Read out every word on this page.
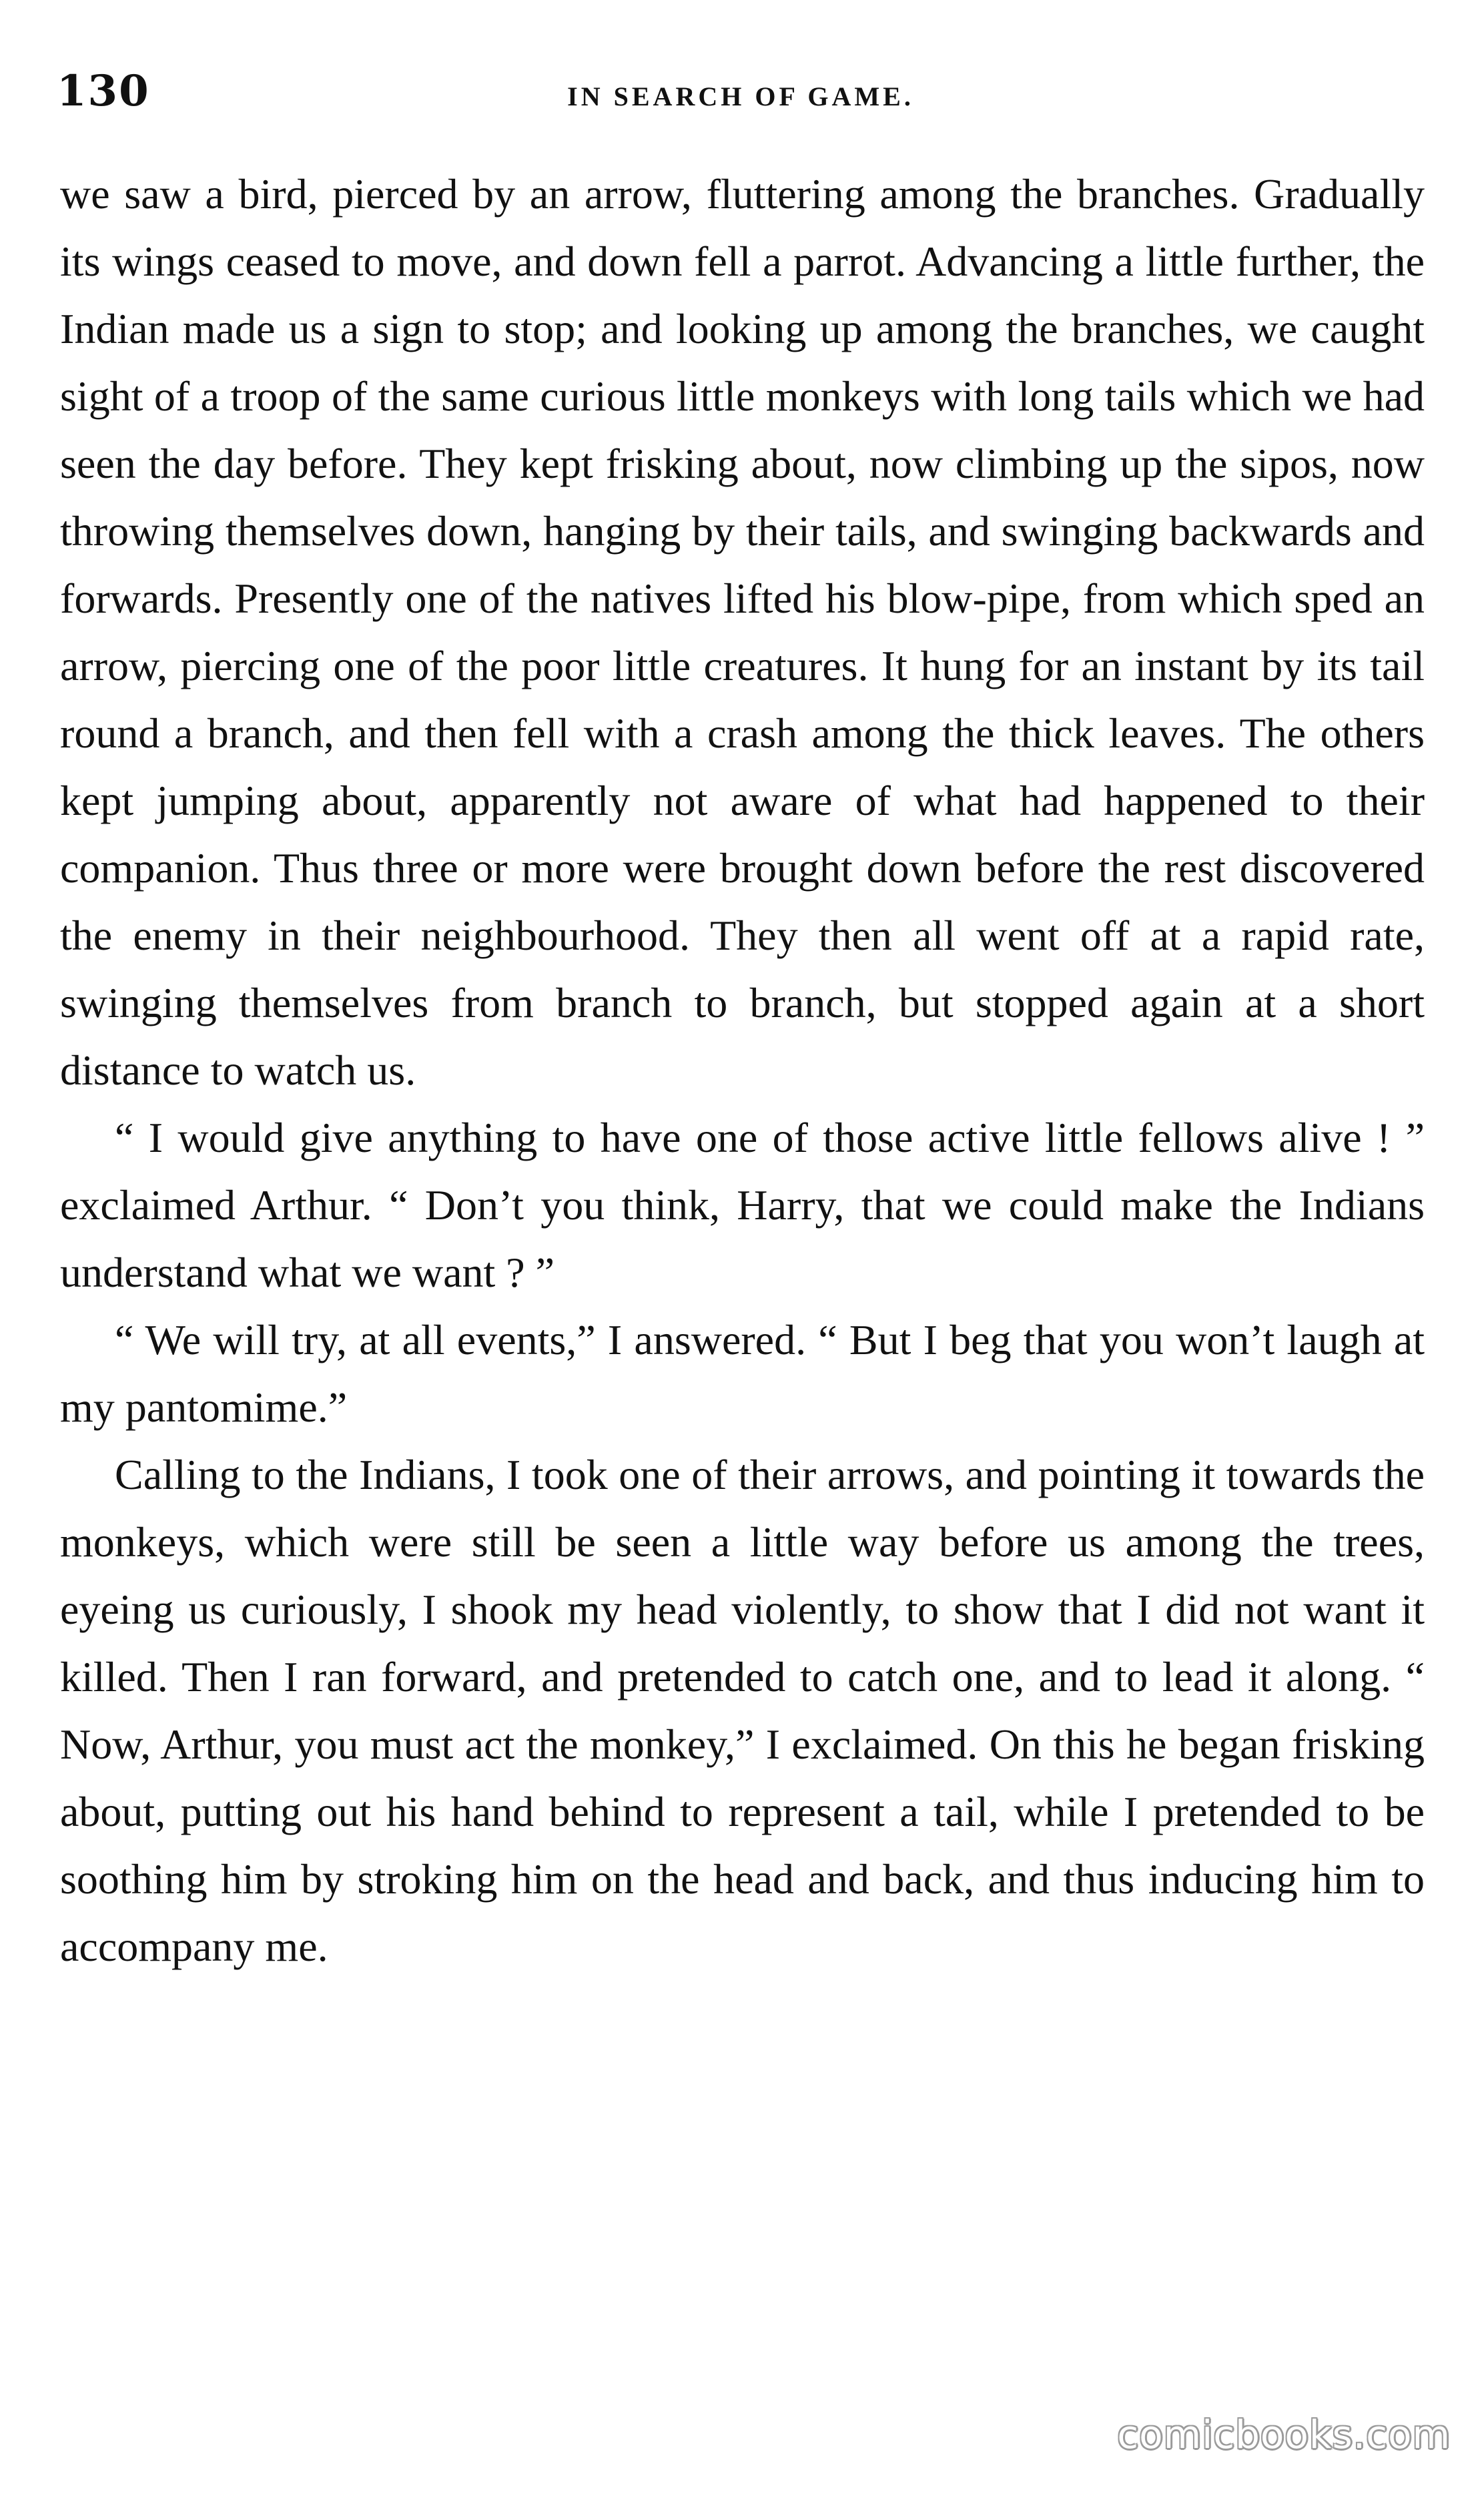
130	IN SEARCH OF GAME.

we saw a bird, pierced by an arrow, fluttering among the branches. Gradually its wings ceased to move, and down fell a parrot. Advancing a little further, the Indian made us a sign to stop; and looking up among the branches, we caught sight of a troop of the same curious little monkeys with long tails which we had seen the day before. They kept frisking about, now climbing up the sipos, now throwing themselves down, hanging by their tails, and swinging backwards and forwards. Presently one of the natives lifted his blow-pipe, from which sped an arrow, piercing one of the poor little creatures. It hung for an instant by its tail round a branch, and then fell with a crash among the thick leaves. The others kept jumping about, apparently not aware of what had happened to their companion. Thus three or more were brought down before the rest discovered the enemy in their neighbourhood. They then all went off at a rapid rate, swinging themselves from branch to branch, but stopped again at a short distance to watch us.

“ I would give anything to have one of those active little fellows alive ! ” exclaimed Arthur. “ Don’t you think, Harry, that we could make the Indians understand what we want ? ”

“ We will try, at all events,” I answered. “ But I beg that you won’t laugh at my pantomime.”

Calling to the Indians, I took one of their arrows, and pointing it towards the monkeys, which were still be seen a little way before us among the trees, eyeing us curiously, I shook my head violently, to show that I did not want it killed. Then I ran forward, and pretended to catch one, and to lead it along. “ Now, Arthur, you must act the monkey,” I exclaimed. On this he began frisking about, putting out his hand behind to represent a tail, while I pretended to be soothing him by stroking him on the head and back, and thus inducing him to accompany me.

comicbooks.com
